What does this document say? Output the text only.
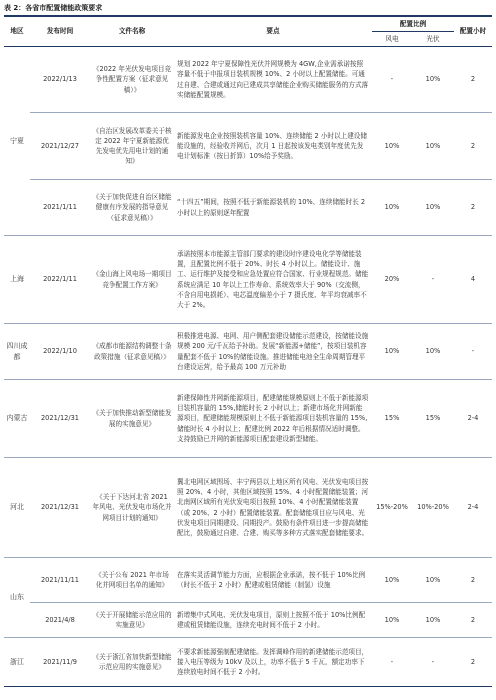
表 2：各省市配置储能政策要求
地区	发布时间	文件名称	要点	配置比例		配置小时
				风电	光伏	
宁夏	2022/1/13	《2022 年光伏发电项目竞争性配置方案（征求意见稿）》	规划 2022 年宁夏保障性光伏并网规模为 4GW,企业需承诺按照容量不低于申报项目装机规模 10%、2 小时以上配置储能。可通过自建、合建或通过向已建成共享储能企业购买储能服务的方式落实储能配置规模。	-	10%	2
	2021/12/27	《自治区发展改革委关于核定 2022 年宁夏新能源优先发电优先用电计划的通知》	新能源发电企业按照装机容量 10%、连续储能 2 小时以上建设储能设施的，经验收并网后，次月 1 日起按该发电类别年度优先发电计划标准（按日折算）10%给予奖励。	10%	10%	2
	2021/1/11	《关于加快促进自治区储能健康有序发展的指导意见（征求意见稿）》	“十四五”期间，按照不低于新能源装机的 10%、连续储能时长 2 小时以上的原则逐年配置	10%	10%	2
上海	2022/1/11	《金山海上风电场一期项目竞争配置工作方案》	承诺按照本市能源主管部门要求的建设时序建设电化学等储能装置，且配置比例不低于 20%、时长 4 小时以上。储能设计、施工、运行维护及接受和应急处置应符合国家、行业规程规范。储能系统应满足 10 年以上工作寿命、系统效率大于 90%（交流侧，不含自用电损耗）、电芯温度偏差小于 7 摄氏度、年平均衰减率不大于 2%。	20%	-	4
四川成都	2022/1/10	《成都市能源结构调整十条政策措施（征求意见稿）》	积极推进电源、电网、用户侧配套建设储能示范建设，按储能设施规模 200 元/千瓦给予补助。发展“新能源+储能”，按项目装机容量配套不低于 10%的储能设施。推进储能电池全生命周期管理平台建设运营，给予最高 100 万元补助	10%	10%	-
内蒙古	2021/12/31	《关于加快推动新型储能发展的实施意见》	新建保障性并网新能源项目，配建储能规模原则上不低于新能源项目装机容量的 15%,储能时长 2 小时以上；新建市场化并网新能源项目，配建储能规模原则上不低于新能源项目装机容量的 15%,储能时长 4 小时以上；配建比例 2022 年后根据情况适时调整。支持鼓励已并网的新能源项目配套建设新型储能。	15%	15%	2-4
河北	2021/12/31	《关于下达河北省 2021 年风电、光伏发电市场化并网项目计划的通知》	冀北电网区域围场、丰宁两县以上地区所有风电、光伏发电项目按照 20%、4 小时，其他区域按照 15%、4 小时配置储能装置；河北南网区域所有光伏发电项目按照 10%、4 小时配置储能装置（或 20%、2 小时）配置储能装置。配套储能项目应与风电、光伏发电项目同期建设、同期投产。鼓励有条件项目进一步提高储能配比，鼓励通过自建、合建、购买等多种方式落实配套储能要求。	15%-20%	10%-20%	2-4
山东	2021/11/11	《关于公布 2021 年市场化并网项目名单的通知》	在落实灵活调节能力方面，应根据企业承诺，按不低于 10%比例（时长不低于 2 小时）配建或租赁储能（制氢）设施	10%	10%	2
	2021/4/8	《关于开展储能示范应用的实施意见》	新增集中式风电、光伏发电项目，原则上按照不低于 10%比例配建或租赁储能设施，连续充电时间不低于 2 小时。	10%	10%	2
浙江	2021/11/9	《关于浙江省加快新型储能示范应用的实施意见》	不要求新能源强制配建储能。发挥调峰作用的新建储能示范项目，接入电压等级为 10kV 及以上，功率不低于 5 千瓦，额定功率下连续放电时间不低于 2 小时。	-	-	2
